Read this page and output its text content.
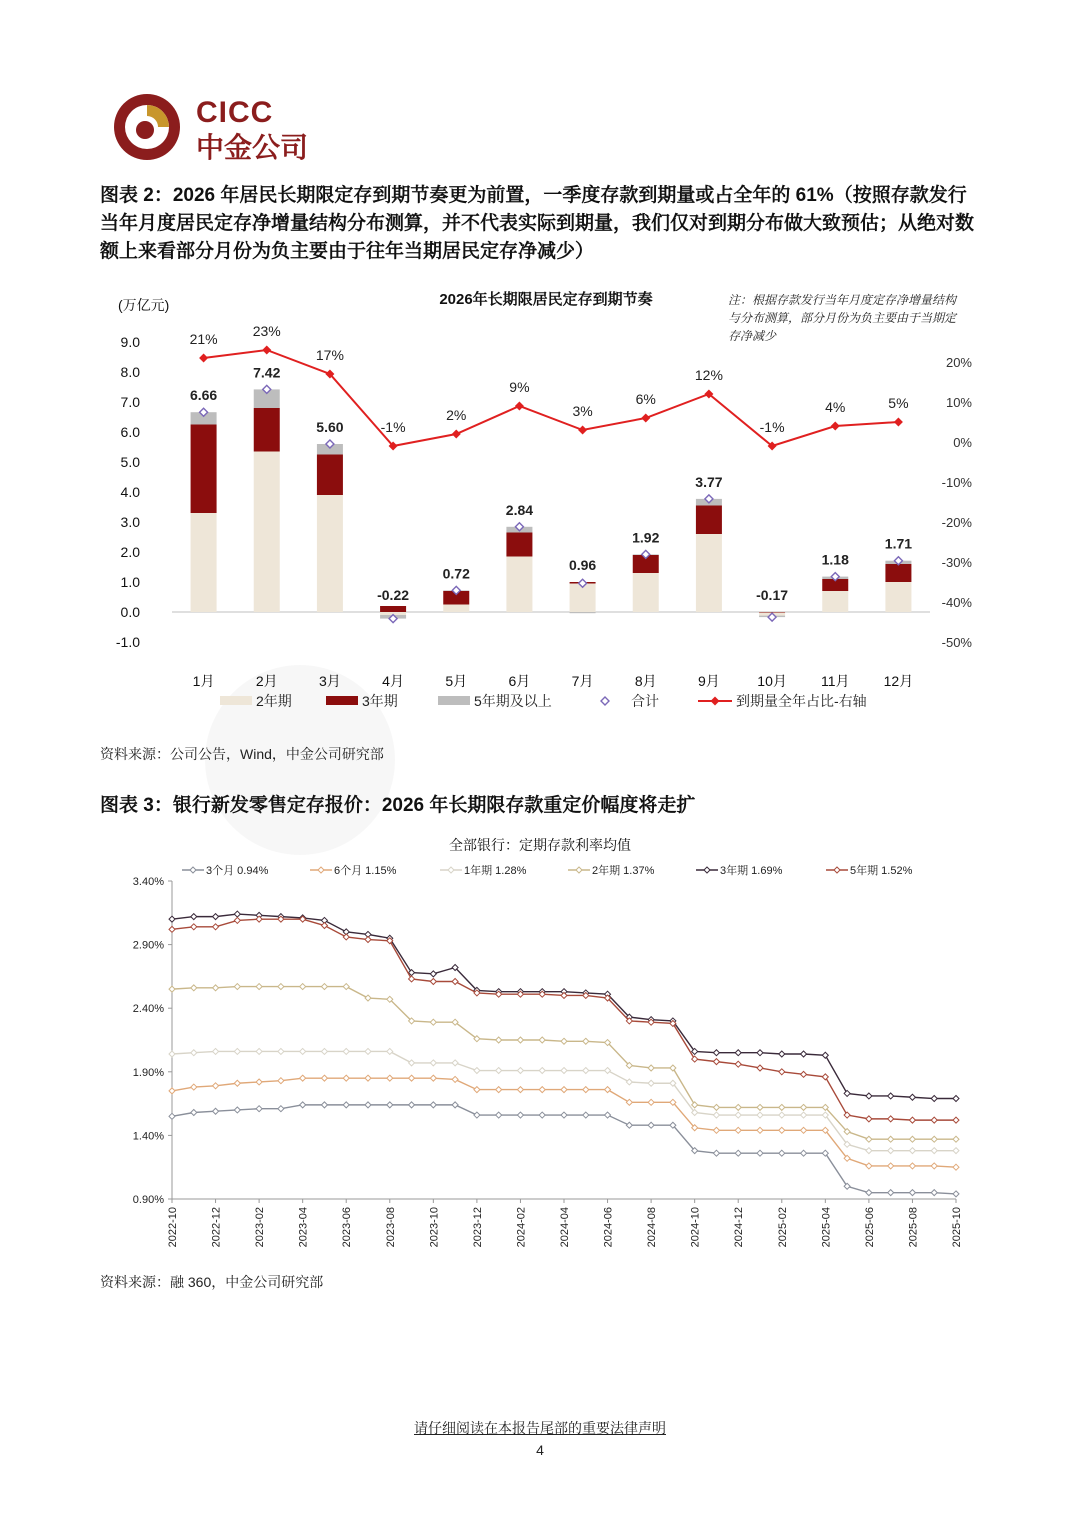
CICC
中金公司
图表 2：2026 年居民长期限定存到期节奏更为前置，一季度存款到期量或占全年的 61%（按照存款发行当年月度居民定存净增量结构分布测算，并不代表实际到期量，我们仅对到期分布做大致预估；从绝对数额上来看部分月份为负主要由于往年当期居民定存净减少）
2026年长期限居民定存到期节奏
(万亿元)	注：根据存款发行当年月度定存净增量结构
与分布测算，部分月份为负主要由于当期定
存净减少
6.66
7.42
5.60
-0.22
0.72
2.84
0.96
1.92
3.77
-0.17
1.18
1.71
21%	23%
17%
-1%
2%
9%
3%
6%
12%
-1%
4%	5%
-1.0
0.0
1.0
2.0
3.0
4.0
5.0
6.0
7.0
8.0
9.0
-50%
-40%
-30%
-20%
-10%
0%
10%
20%
1月	2月	3月	4月	5月	6月	7月	8月	9月	10月 11月 12月
2年期	3年期	5年期及以上	合计	到期量全年占比-右轴
资料来源：公司公告，Wind，中金公司研究部
图表 3：银行新发零售定存报价：2026 年长期限存款重定价幅度将走扩
全部银行：定期存款利率均值
3个月 0.94%	6个月 1.15%	1年期 1.28%	2年期 1.37%	3年期 1.69%	5年期 1.52%
0.90%
1.40%
1.90%
2.40%
2.90%
3.40%
2022-10	2022-12	2023-02	2023-04	2023-06	2023-08	2023-10	2023-12	2024-02	2024-04	2024-06	2024-08	2024-10	2024-12	2025-02	2025-04	2025-06	2025-08	2025-10
资料来源：融 360，中金公司研究部
请仔细阅读在本报告尾部的重要法律声明
4
